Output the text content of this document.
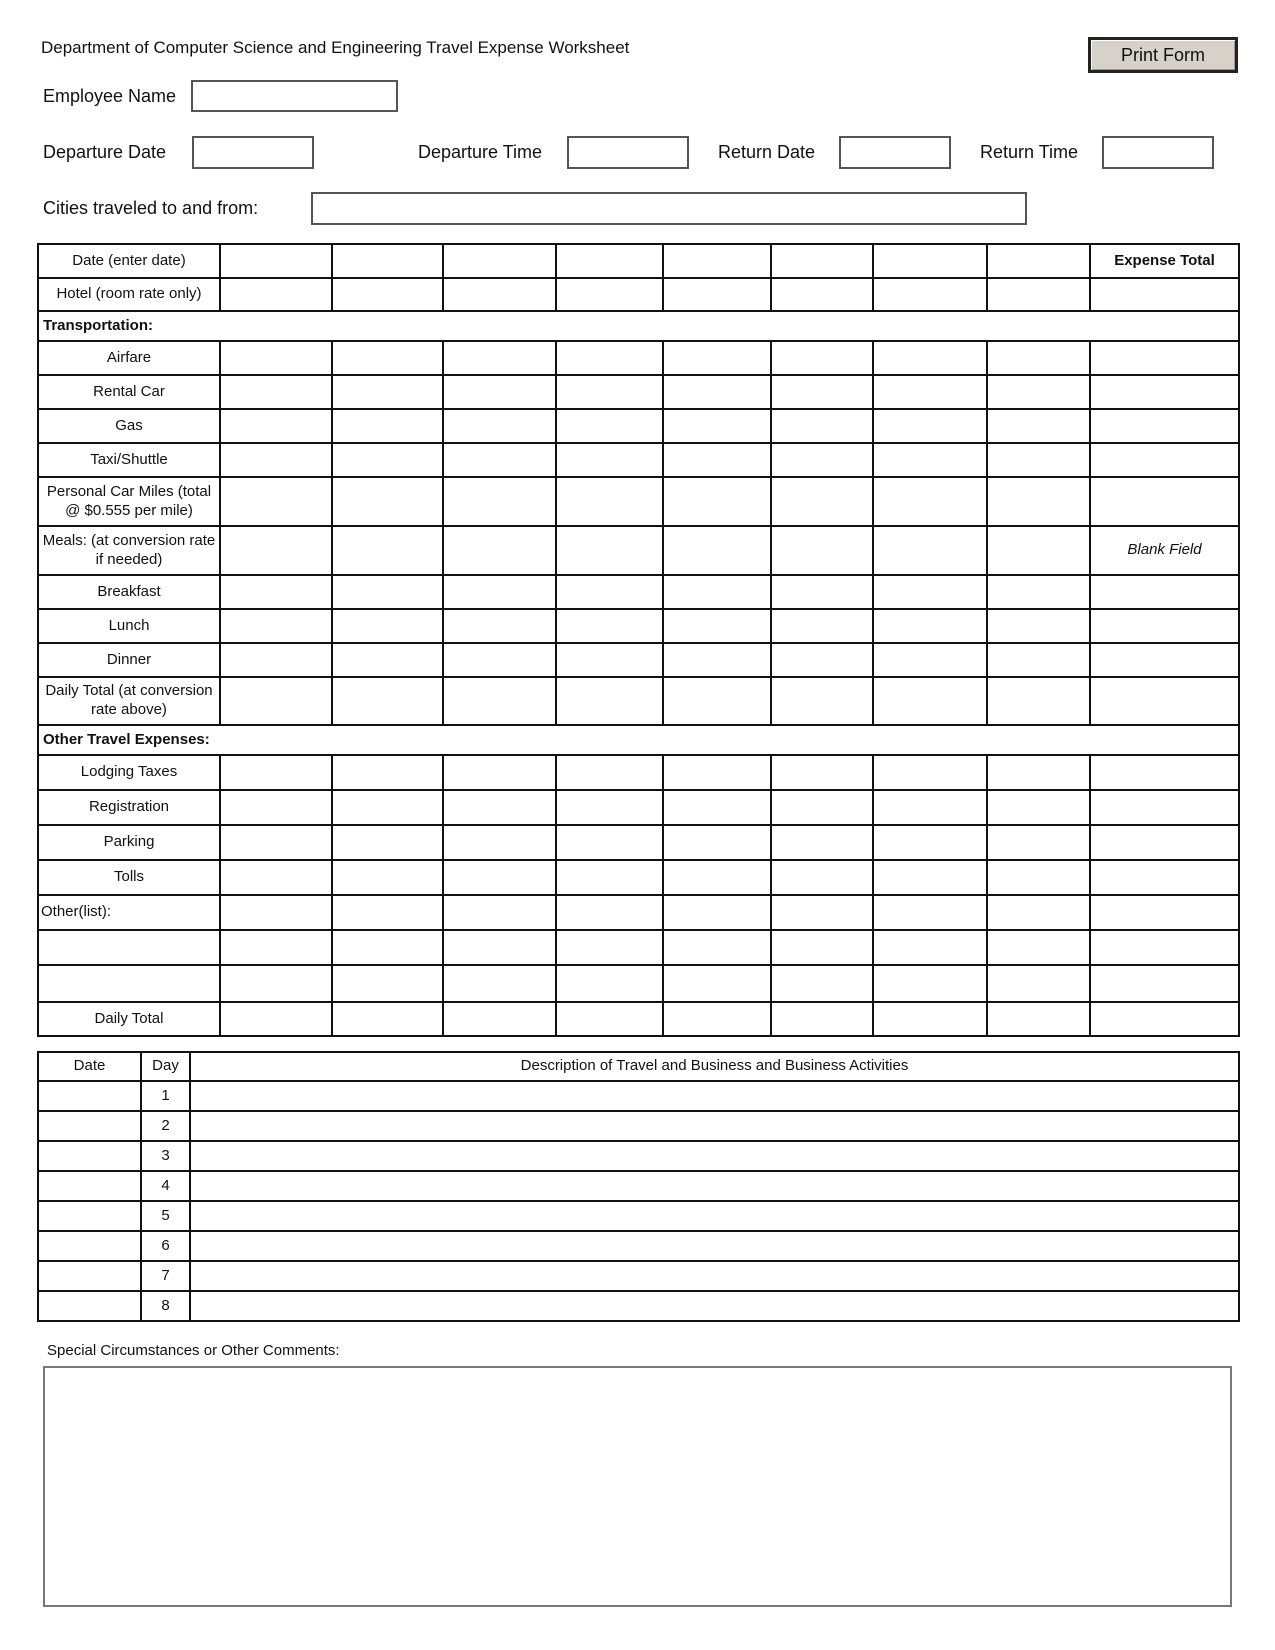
Department of Computer Science and Engineering Travel Expense Worksheet	Print Form
Employee Name
Departure Date	Departure Time	Return Date	Return Time
Cities traveled to and from:
Date (enter date)									Expense Total
Hotel (room rate only)									
Transportation:									
Airfare									
Rental Car									
Gas									
Taxi/Shuttle									
Personal Car Miles (total @ $0.555 per mile)									
Meals: (at conversion rate if needed)									Blank Field
Breakfast									
Lunch									
Dinner									
Daily Total (at conversion rate above)									
Other Travel Expenses:									
Lodging Taxes									
Registration									
Parking									
Tolls									
Other(list):									

Daily Total									
Date	Day	Description of Travel and Business and Business Activities
	1	
	2	
	3	
	4	
	5	
	6	
	7	
	8	
Special Circumstances or Other Comments:
